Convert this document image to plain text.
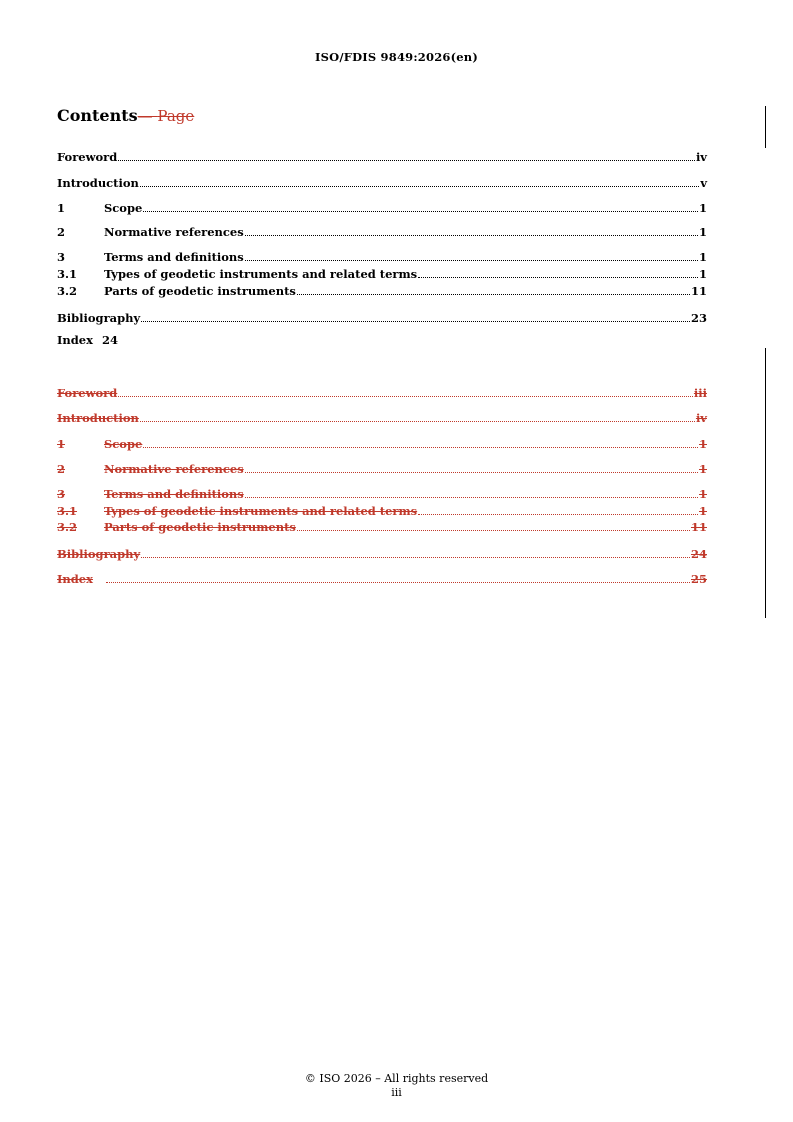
ISO/FDIS 9849:2026(en)
Contents— Page
Foreword	iv
Introduction	v
1	Scope	1
2	Normative references	1
3	Terms and definitions	1
3.1	Types of geodetic instruments and related terms	1
3.2	Parts of geodetic instruments	11
Bibliography	23
Index 24
Foreword	iii
Introduction	iv
1	Scope	1
2	Normative references	1
3	Terms and definitions	1
3.1	Types of geodetic instruments and related terms	1
3.2	Parts of geodetic instruments	11
Bibliography	24
Index	25
© ISO 2026 – All rights reserved
iii
